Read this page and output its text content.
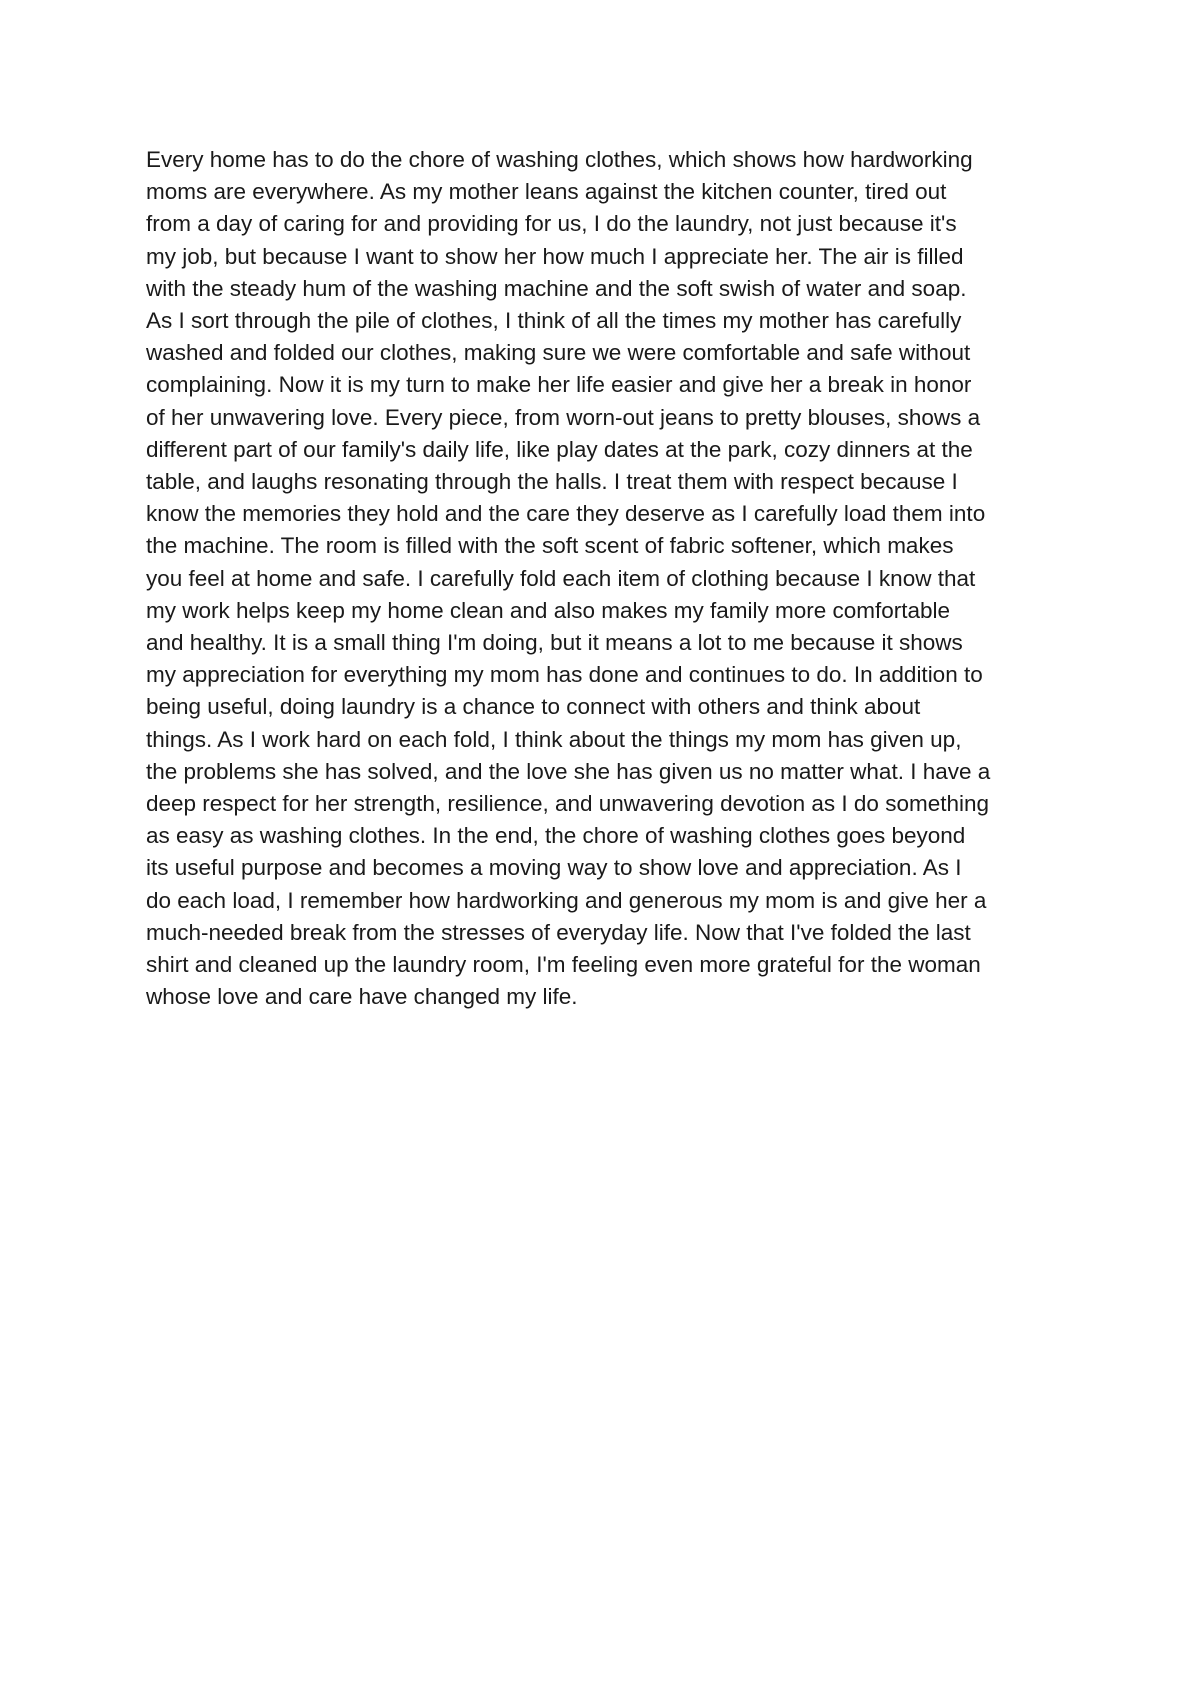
Every home has to do the chore of washing clothes, which shows how hardworking
moms are everywhere. As my mother leans against the kitchen counter, tired out
from a day of caring for and providing for us, I do the laundry, not just because it's
my job, but because I want to show her how much I appreciate her. The air is filled
with the steady hum of the washing machine and the soft swish of water and soap.
As I sort through the pile of clothes, I think of all the times my mother has carefully
washed and folded our clothes, making sure we were comfortable and safe without
complaining. Now it is my turn to make her life easier and give her a break in honor
of her unwavering love. Every piece, from worn-out jeans to pretty blouses, shows a
different part of our family's daily life, like play dates at the park, cozy dinners at the
table, and laughs resonating through the halls. I treat them with respect because I
know the memories they hold and the care they deserve as I carefully load them into
the machine. The room is filled with the soft scent of fabric softener, which makes
you feel at home and safe. I carefully fold each item of clothing because I know that
my work helps keep my home clean and also makes my family more comfortable
and healthy. It is a small thing I'm doing, but it means a lot to me because it shows
my appreciation for everything my mom has done and continues to do. In addition to
being useful, doing laundry is a chance to connect with others and think about
things. As I work hard on each fold, I think about the things my mom has given up,
the problems she has solved, and the love she has given us no matter what. I have a
deep respect for her strength, resilience, and unwavering devotion as I do something
as easy as washing clothes. In the end, the chore of washing clothes goes beyond
its useful purpose and becomes a moving way to show love and appreciation. As I
do each load, I remember how hardworking and generous my mom is and give her a
much-needed break from the stresses of everyday life. Now that I've folded the last
shirt and cleaned up the laundry room, I'm feeling even more grateful for the woman
whose love and care have changed my life.
